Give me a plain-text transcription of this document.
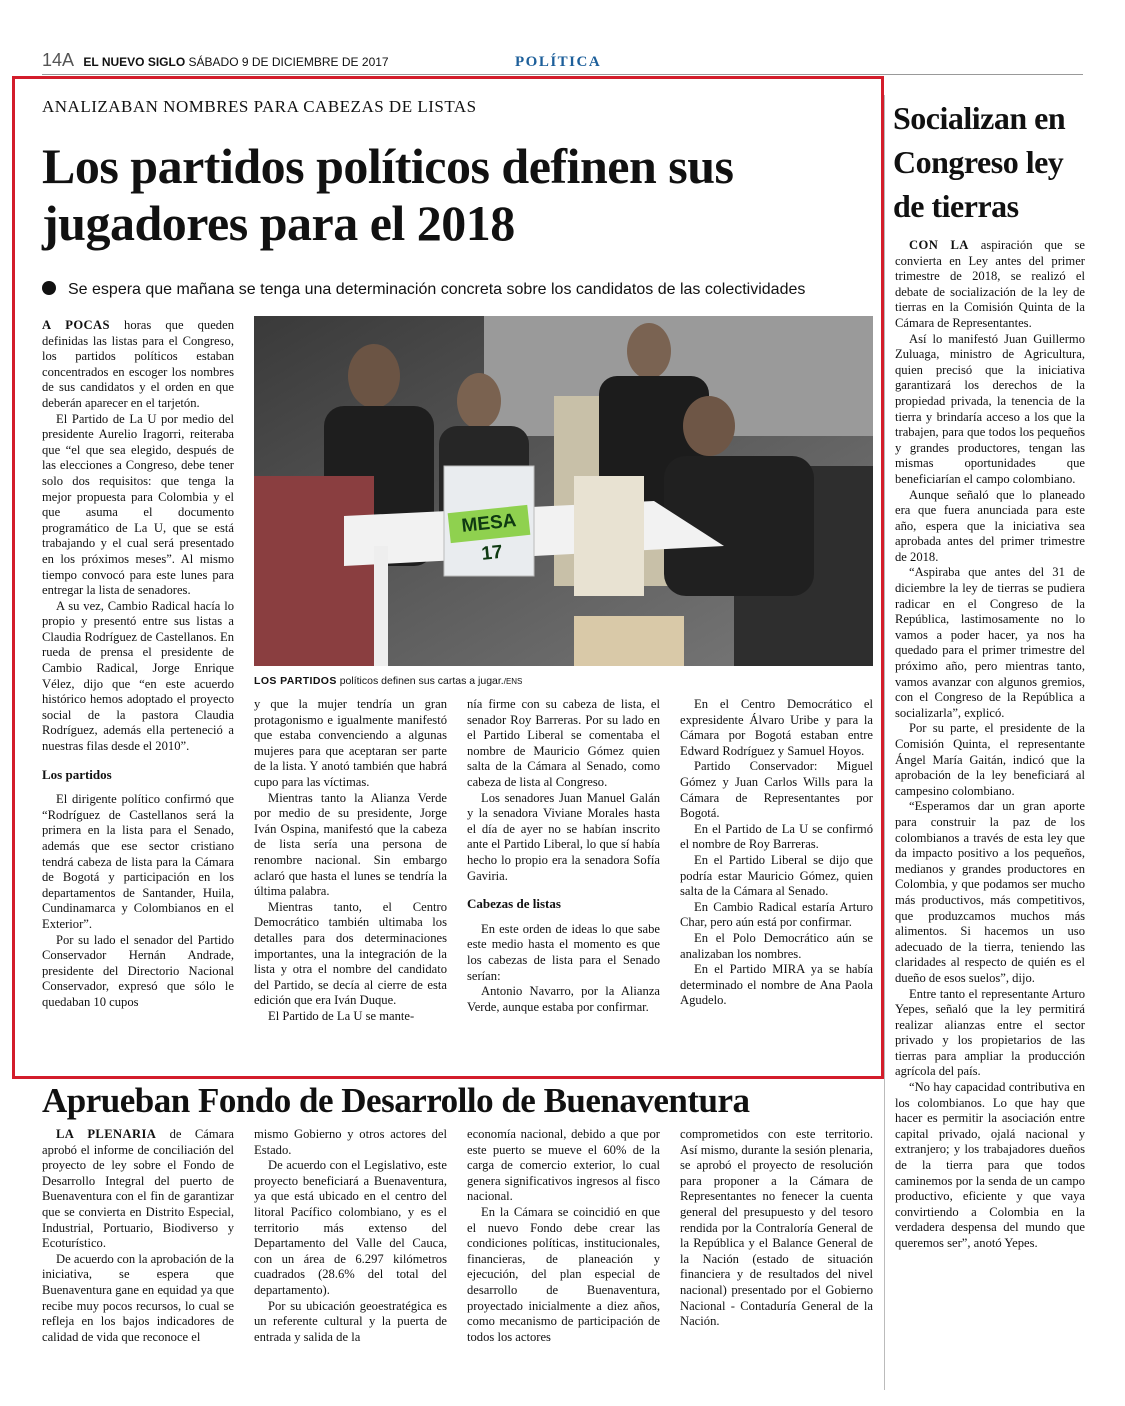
14A EL NUEVO SIGLO SÁBADO 9 DE DICIEMBRE DE 2017	POLÍTICA
ANALIZABAN NOMBRES PARA CABEZAS DE LISTAS
Los partidos políticos definen sus jugadores para el 2018
Se espera que mañana se tenga una determinación concreta sobre los candidatos de las colectividades

A POCAS horas que queden definidas las listas para el Congreso, los partidos políticos estaban concentrados en escoger los nombres de sus candidatos y el orden en que deberán aparecer en el tarjetón.

El Partido de La U por medio del presidente Aurelio Iragorri, reiteraba que “el que sea elegido, después de las elecciones a Congreso, debe tener solo dos requisitos: que tenga la mejor propuesta para Colombia y el que asuma el documento programático de La U, que se está trabajando y el cual será presentado en los próximos meses”. Al mismo tiempo convocó para este lunes para entregar la lista de senadores.

A su vez, Cambio Radical hacía lo propio y presentó entre sus listas a Claudia Rodríguez de Castellanos. En rueda de prensa el presidente de Cambio Radical, Jorge Enrique Vélez, dijo que “en este acuerdo histórico hemos adoptado el proyecto social de la pastora Claudia Rodríguez, además ella perteneció a nuestras filas desde el 2010”.

Los partidos

El dirigente político confirmó que “Rodríguez de Castellanos será la primera en la lista para el Senado, además que ese sector cristiano tendrá cabeza de lista para la Cámara de Bogotá y participación en los departamentos de Santander, Huila, Cundinamarca y Colombianos en el Exterior”.

Por su lado el senador del Partido Conservador Hernán Andrade, presidente del Directorio Nacional Conservador, expresó que sólo le quedaban 10 cupos

MESA 17
LOS PARTIDOS políticos definen sus cartas a jugar./ENS

y que la mujer tendría un gran protagonismo e igualmente manifestó que estaba convenciendo a algunas mujeres para que aceptaran ser parte de la lista. Y anotó también que habrá cupo para las víctimas.

Mientras tanto la Alianza Verde por medio de su presidente, Jorge Iván Ospina, manifestó que la cabeza de lista sería una persona de renombre nacional. Sin embargo aclaró que hasta el lunes se tendría la última palabra.

Mientras tanto, el Centro Democrático también ultimaba los detalles para dos determinaciones importantes, una la integración de la lista y otra el nombre del candidato del Partido, se decía al cierre de esta edición que era Iván Duque.

El Partido de La U se mante-

nía firme con su cabeza de lista, el senador Roy Barreras. Por su lado en el Partido Liberal se comentaba el nombre de Mauricio Gómez quien salta de la Cámara al Senado, como cabeza de lista al Congreso.

Los senadores Juan Manuel Galán y la senadora Viviane Morales hasta el día de ayer no se habían inscrito ante el Partido Liberal, lo que sí había hecho lo propio era la senadora Sofía Gaviria.

Cabezas de listas

En este orden de ideas lo que sabe este medio hasta el momento es que los cabezas de lista para el Senado serían:

Antonio Navarro, por la Alianza Verde, aunque estaba por confirmar.

En el Centro Democrático el expresidente Álvaro Uribe y para la Cámara por Bogotá estaban entre Edward Rodríguez y Samuel Hoyos.

Partido Conservador: Miguel Gómez y Juan Carlos Wills para la Cámara de Representantes por Bogotá.

En el Partido de La U se confirmó el nombre de Roy Barreras.

En el Partido Liberal se dijo que podría estar Mauricio Gómez, quien salta de la Cámara al Senado.

En Cambio Radical estaría Arturo Char, pero aún está por confirmar.

En el Polo Democrático aún se analizaban los nombres.

En el Partido MIRA ya se había determinado el nombre de Ana Paola Agudelo.

Socializan en Congreso ley de tierras

CON LA aspiración que se convierta en Ley antes del primer trimestre de 2018, se realizó el debate de socialización de la ley de tierras en la Comisión Quinta de la Cámara de Representantes.

Así lo manifestó Juan Guillermo Zuluaga, ministro de Agricultura, quien precisó que la iniciativa garantizará los derechos de la propiedad privada, la tenencia de la tierra y brindaría acceso a los que la trabajen, para que todos los pequeños y grandes productores, tengan las mismas oportunidades que beneficiarían el campo colombiano.

Aunque señaló que lo planeado era que fuera anunciada para este año, espera que la iniciativa sea aprobada antes del primer trimestre de 2018.

“Aspiraba que antes del 31 de diciembre la ley de tierras se pudiera radicar en el Congreso de la República, lastimosamente no lo vamos a poder hacer, ya nos ha quedado para el primer trimestre del próximo año, pero mientras tanto, vamos avanzar con algunos gremios, con el Congreso de la República a socializarla”, explicó.

Por su parte, el presidente de la Comisión Quinta, el representante Ángel María Gaitán, indicó que la aprobación de la ley beneficiará al campesino colombiano.

“Esperamos dar un gran aporte para construir la paz de los colombianos a través de esta ley que da impacto positivo a los pequeños, medianos y grandes productores en Colombia, y que podamos ser mucho más productivos, más competitivos, que produzcamos muchos más alimentos. Si hacemos un uso adecuado de la tierra, teniendo las claridades al respecto de quién es el dueño de esos suelos”, dijo.

Entre tanto el representante Arturo Yepes, señaló que la ley permitirá realizar alianzas entre el sector privado y los propietarios de las tierras para ampliar la producción agrícola del país.

“No hay capacidad contributiva en los colombianos. Lo que hay que hacer es permitir la asociación entre capital privado, ojalá nacional y extranjero; y los trabajadores dueños de la tierra para que todos caminemos por la senda de un campo productivo, eficiente y que vaya convirtiendo a Colombia en la verdadera despensa del mundo que queremos ser”, anotó Yepes.

Aprueban Fondo de Desarrollo de Buenaventura

LA PLENARIA de Cámara aprobó el informe de conciliación del proyecto de ley sobre el Fondo de Desarrollo Integral del puerto de Buenaventura con el fin de garantizar que se convierta en Distrito Especial, Industrial, Portuario, Biodiverso y Ecoturístico.

De acuerdo con la aprobación de la iniciativa, se espera que Buenaventura gane en equidad ya que recibe muy pocos recursos, lo cual se refleja en los bajos indicadores de calidad de vida que reconoce el

mismo Gobierno y otros actores del Estado.

De acuerdo con el Legislativo, este proyecto beneficiará a Buenaventura, ya que está ubicado en el centro del litoral Pacífico colombiano, y es el territorio más extenso del Departamento del Valle del Cauca, con un área de 6.297 kilómetros cuadrados (28.6% del total del departamento).

Por su ubicación geoestratégica es un referente cultural y la puerta de entrada y salida de la

economía nacional, debido a que por este puerto se mueve el 60% de la carga de comercio exterior, lo cual genera significativos ingresos al fisco nacional.

En la Cámara se coincidió en que el nuevo Fondo debe crear las condiciones políticas, institucionales, financieras, de planeación y ejecución, del plan especial de desarrollo de Buenaventura, proyectado inicialmente a diez años, como mecanismo de participación de todos los actores

comprometidos con este territorio. Así mismo, durante la sesión plenaria, se aprobó el proyecto de resolución para proponer a la Cámara de Representantes no fenecer la cuenta general del presupuesto y del tesoro rendida por la Contraloría General de la República y el Balance General de la Nación (estado de situación financiera y de resultados del nivel nacional) presentado por el Gobierno Nacional - Contaduría General de la Nación.
